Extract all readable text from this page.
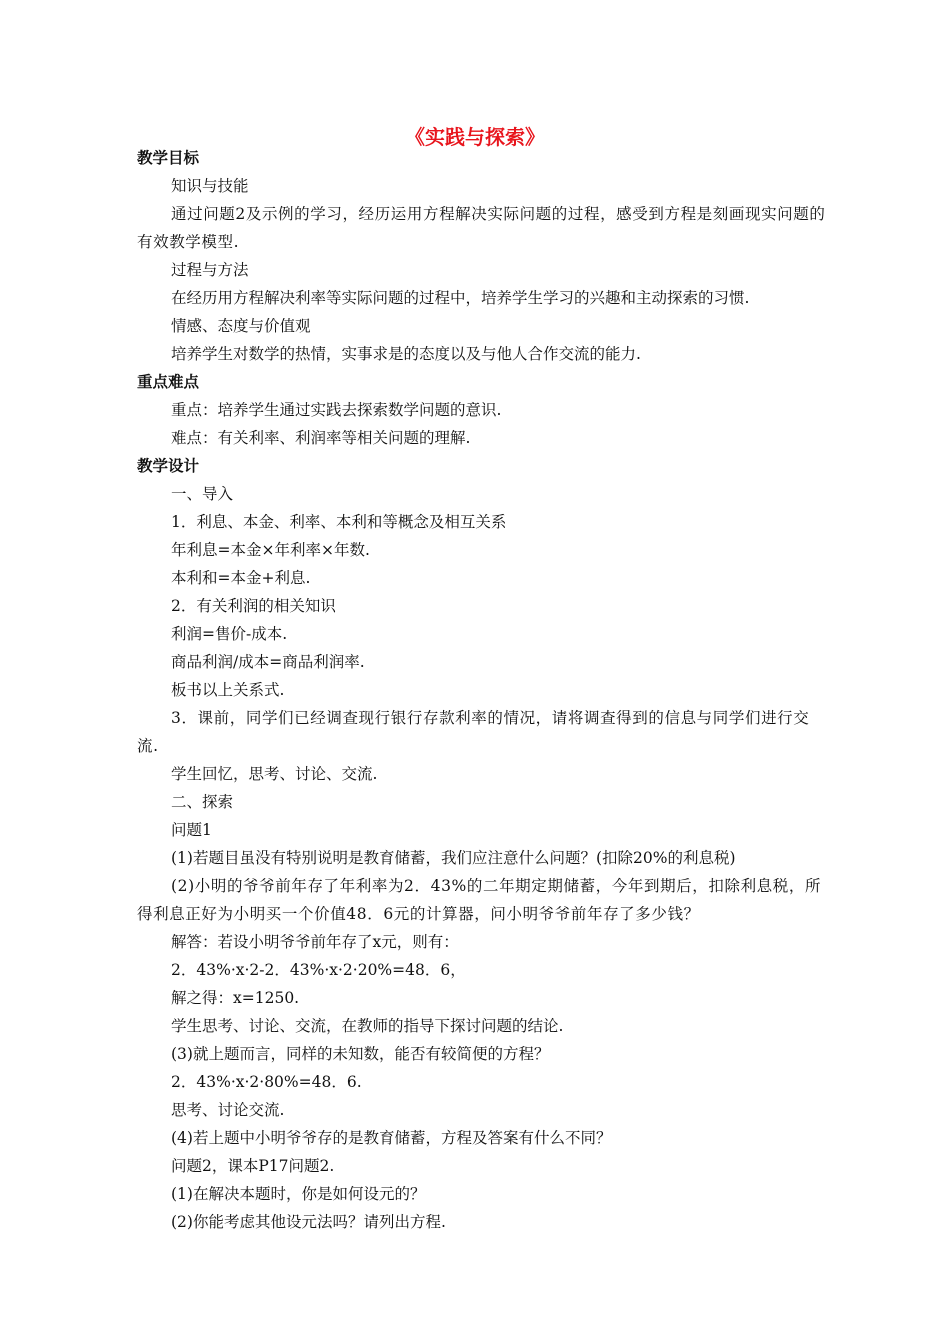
《实践与探索》
教学目标
知识与技能
通过问题2及示例的学习，经历运用方程解决实际问题的过程，感受到方程是刻画现实问题的有效教学模型.
过程与方法
在经历用方程解决利率等实际问题的过程中，培养学生学习的兴趣和主动探索的习惯.
情感、态度与价值观
培养学生对数学的热情，实事求是的态度以及与他人合作交流的能力.
重点难点
重点：培养学生通过实践去探索数学问题的意识.
难点：有关利率、利润率等相关问题的理解.
教学设计
一、导入
1．利息、本金、利率、本利和等概念及相互关系
年利息=本金×年利率×年数.
本利和=本金+利息.
2．有关利润的相关知识
利润=售价-成本.
商品利润/成本=商品利润率.
板书以上关系式.
3．课前，同学们已经调查现行银行存款利率的情况，请将调查得到的信息与同学们进行交流.
学生回忆，思考、讨论、交流.
二、探索
问题1
(1)若题目虽没有特别说明是教育储蓄，我们应注意什么问题？(扣除20%的利息税)
(2)小明的爷爷前年存了年利率为2．43%的二年期定期储蓄，今年到期后，扣除利息税，所得利息正好为小明买一个价值48．6元的计算器，问小明爷爷前年存了多少钱？
解答：若设小明爷爷前年存了x元，则有：
2．43%·x·2-2．43%·x·2·20%=48．6，
解之得：x=1250.
学生思考、讨论、交流，在教师的指导下探讨问题的结论.
(3)就上题而言，同样的未知数，能否有较简便的方程？
2．43%·x·2·80%=48．6.
思考、讨论交流.
(4)若上题中小明爷爷存的是教育储蓄，方程及答案有什么不同？
问题2，课本P17问题2.
(1)在解决本题时，你是如何设元的？
(2)你能考虑其他设元法吗？请列出方程.
